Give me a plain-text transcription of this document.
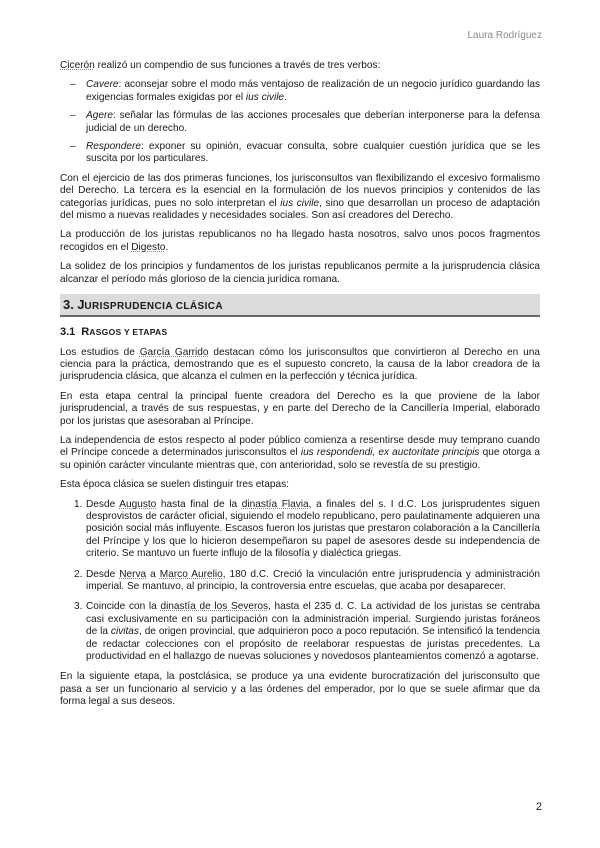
Laura Rodríguez

Cicerón realizó un compendio de sus funciones a través de tres verbos:

– Cavere: aconsejar sobre el modo más ventajoso de realización de un negocio jurídico guardando las exigencias formales exigidas por el ius civile.
– Agere: señalar las fórmulas de las acciones procesales que deberían interponerse para la defensa judicial de un derecho.
– Respondere: exponer su opinión, evacuar consulta, sobre cualquier cuestión jurídica que se les suscita por los particulares.

Con el ejercicio de las dos primeras funciones, los jurisconsultos van flexibilizando el excesivo formalismo del Derecho. La tercera es la esencial en la formulación de los nuevos principios y contenidos de las categorías jurídicas, pues no solo interpretan el ius civile, sino que desarrollan un proceso de adaptación del mismo a nuevas realidades y necesidades sociales. Son así creadores del Derecho.

La producción de los juristas republicanos no ha llegado hasta nosotros, salvo unos pocos fragmentos recogidos en el Digesto.

La solidez de los principios y fundamentos de los juristas republicanos permite a la jurisprudencia clásica alcanzar el período más glorioso de la ciencia jurídica romana.

3. JURISPRUDENCIA CLÁSICA
3.1 RASGOS Y ETAPAS

Los estudios de García Garrido destacan cómo los jurisconsultos que convirtieron al Derecho en una ciencia para la práctica, demostrando que es el supuesto concreto, la causa de la labor creadora de la jurisprudencia clásica, que alcanza el culmen en la perfección y técnica jurídica.

En esta etapa central la principal fuente creadora del Derecho es la que proviene de la labor jurisprudencial, a través de sus respuestas, y en parte del Derecho de la Cancillería Imperial, elaborado por los juristas que asesoraban al Príncipe.

La independencia de estos respecto al poder público comienza a resentirse desde muy temprano cuando el Príncipe concede a determinados jurisconsultos el ius respondendi, ex auctoritate principis que otorga a su opinión carácter vinculante mientras que, con anterioridad, solo se revestía de su prestigio.

Esta época clásica se suelen distinguir tres etapas:

1. Desde Augusto hasta final de la dinastía Flavia, a finales del s. I d.C. Los jurisprudentes siguen desprovistos de carácter oficial, siguiendo el modelo republicano, pero paulatinamente adquieren una posición social más influyente. Escasos fueron los juristas que prestaron colaboración a la Cancillería del Príncipe y los que lo hicieron desempeñaron su papel de asesores desde su independencia de criterio. Se mantuvo un fuerte influjo de la filosofía y dialéctica griegas.
2. Desde Nerva a Marco Aurelio, 180 d.C. Creció la vinculación entre jurisprudencia y administración imperial. Se mantuvo, al principio, la controversia entre escuelas, que acaba por desaparecer.
3. Coincide con la dinastía de los Severos, hasta el 235 d. C. La actividad de los juristas se centraba casi exclusivamente en su participación con la administración imperial. Surgiendo juristas foráneos de la civitas, de origen provincial, que adquirieron poco a poco reputación. Se intensificó la tendencia de redactar colecciones con el propósito de reelaborar respuestas de juristas precedentes. La productividad en el hallazgo de nuevas soluciones y novedosos planteamientos comenzó a agotarse.

En la siguiente etapa, la postclásica, se produce ya una evidente burocratización del jurisconsulto que pasa a ser un funcionario al servicio y a las órdenes del emperador, por lo que se suele afirmar que da forma legal a sus deseos.

2
